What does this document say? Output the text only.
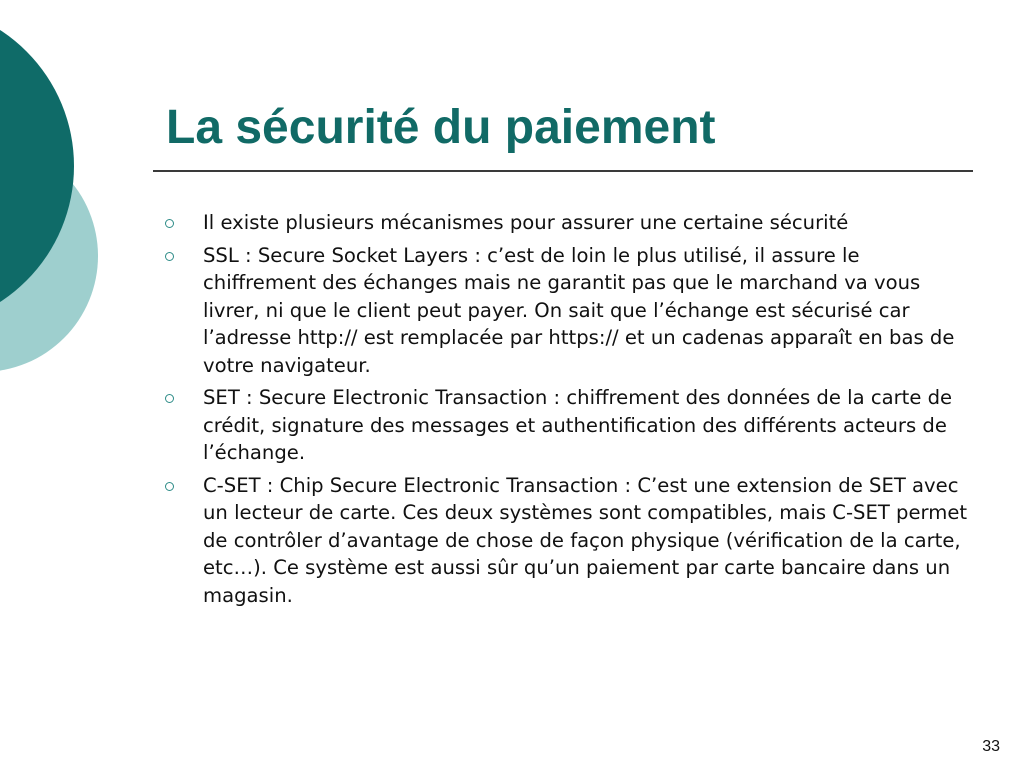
La sécurité du paiement
Il existe plusieurs mécanismes pour assurer une certaine sécurité
SSL : Secure Socket Layers : c’est de loin le plus utilisé, il assure le chiffrement des échanges mais ne garantit pas que le marchand va vous livrer, ni que le client peut payer. On sait que l’échange est sécurisé car l’adresse http:// est remplacée par https:// et un cadenas apparaît en bas de votre navigateur.
SET : Secure Electronic Transaction : chiffrement des données de la carte de crédit, signature des messages et authentification des différents acteurs de l’échange.
C-SET : Chip Secure Electronic Transaction : C’est une extension de SET avec un lecteur de carte. Ces deux systèmes sont compatibles, mais C-SET permet de contrôler d’avantage de chose de façon physique (vérification de la carte, etc…). Ce système est aussi sûr qu’un paiement par carte bancaire dans un magasin.
33
